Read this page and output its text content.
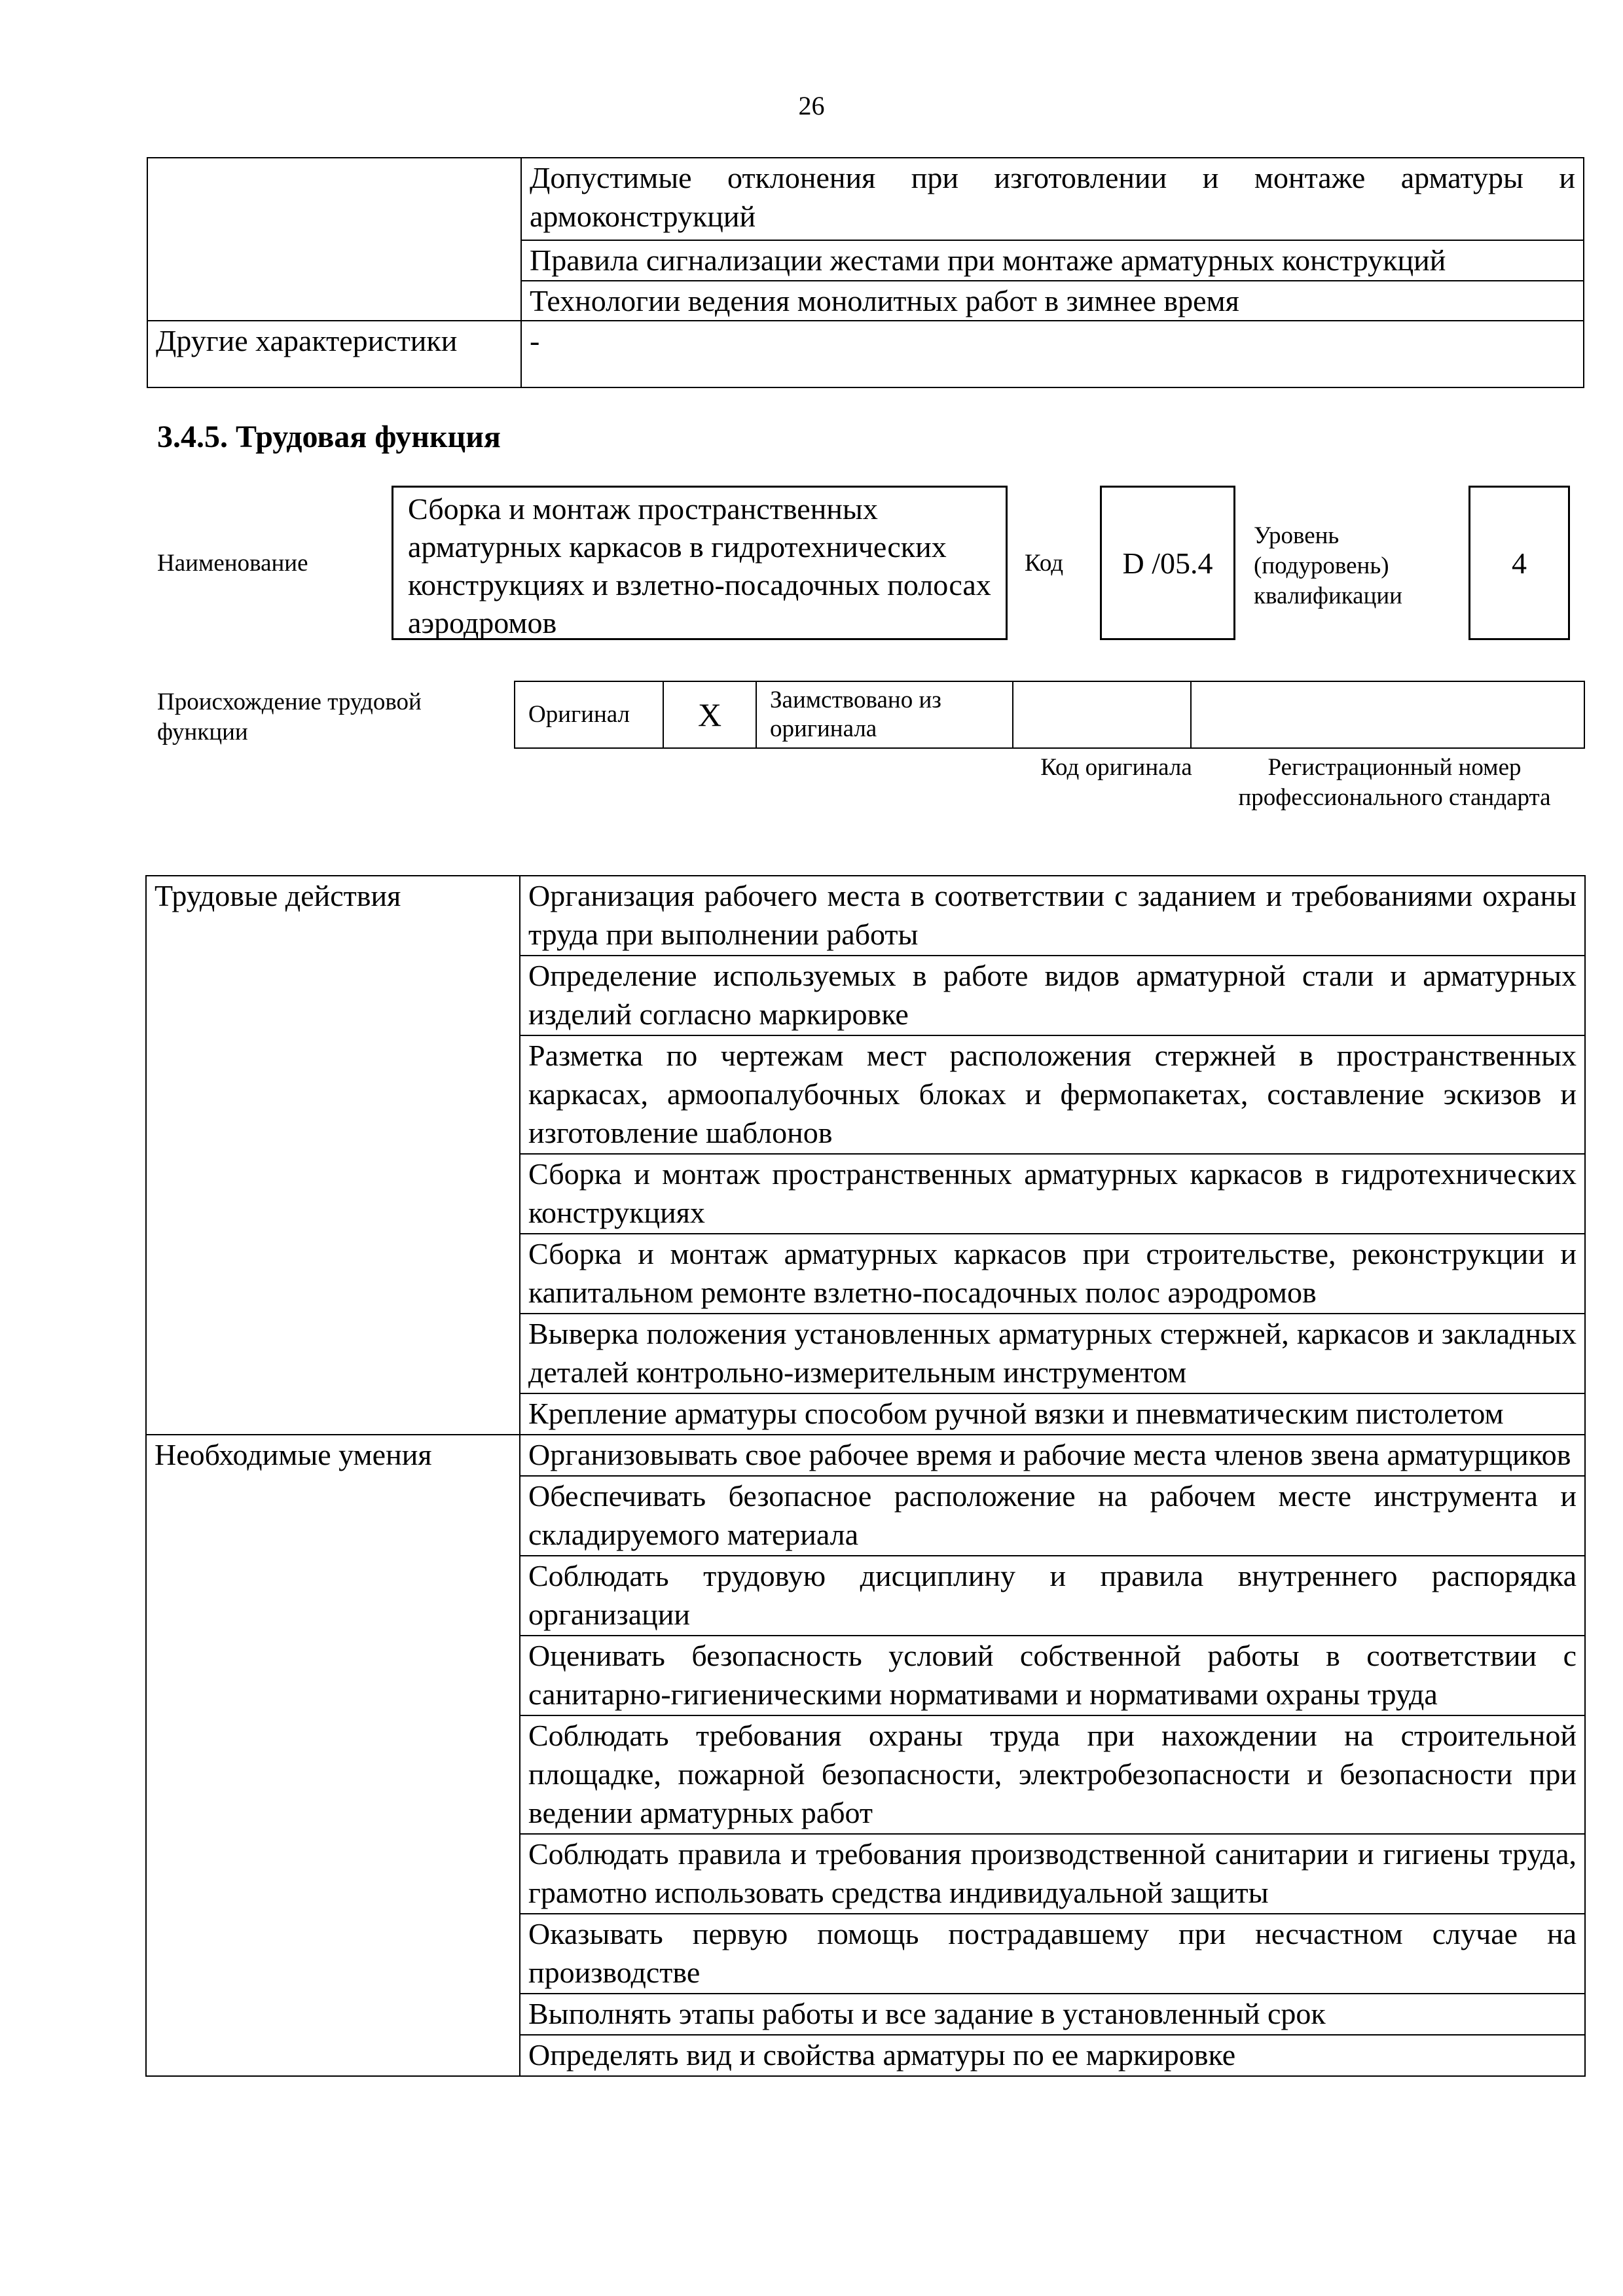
26
	Допустимые отклонения при изготовлении и монтаже арматуры и армоконструкций
	Правила сигнализации жестами при монтаже арматурных конструкций
	Технологии ведения монолитных работ в зимнее время
Другие характеристики	-
3.4.5. Трудовая функция
Наименование
Сборка и монтаж пространственных арматурных каркасов в гидротехнических конструкциях и взлетно-посадочных полосах аэродромов
Код D /05.4
Уровень (подуровень) квалификации
4
Происхождение трудовой функции
Оригинал	X	Заимствовано из оригинала		
Код оригинала	Регистрационный номер профессионального стандарта
Трудовые действия	Организация рабочего места в соответствии с заданием и требованиями охраны труда при выполнении работы
	Определение используемых в работе видов арматурной стали и арматурных изделий согласно маркировке
	Разметка по чертежам мест расположения стержней в пространственных каркасах, армоопалубочных блоках и фермопакетах, составление эскизов и изготовление шаблонов
	Сборка и монтаж пространственных арматурных каркасов в гидротехнических конструкциях
	Сборка и монтаж арматурных каркасов при строительстве, реконструкции и капитальном ремонте взлетно-посадочных полос аэродромов
	Выверка положения установленных арматурных стержней, каркасов и закладных деталей контрольно-измерительным инструментом
	Крепление арматуры способом ручной вязки и пневматическим пистолетом
Необходимые умения	Организовывать свое рабочее время и рабочие места членов звена арматурщиков
	Обеспечивать безопасное расположение на рабочем месте инструмента и складируемого материала
	Соблюдать трудовую дисциплину и правила внутреннего распорядка организации
	Оценивать безопасность условий собственной работы в соответствии с санитарно-гигиеническими нормативами и нормативами охраны труда
	Соблюдать требования охраны труда при нахождении на строительной площадке, пожарной безопасности, электробезопасности и безопасности при ведении арматурных работ
	Соблюдать правила и требования производственной санитарии и гигиены труда, грамотно использовать средства индивидуальной защиты
	Оказывать первую помощь пострадавшему при несчастном случае на производстве
	Выполнять этапы работы и все задание в установленный срок
	Определять вид и свойства арматуры по ее маркировке
